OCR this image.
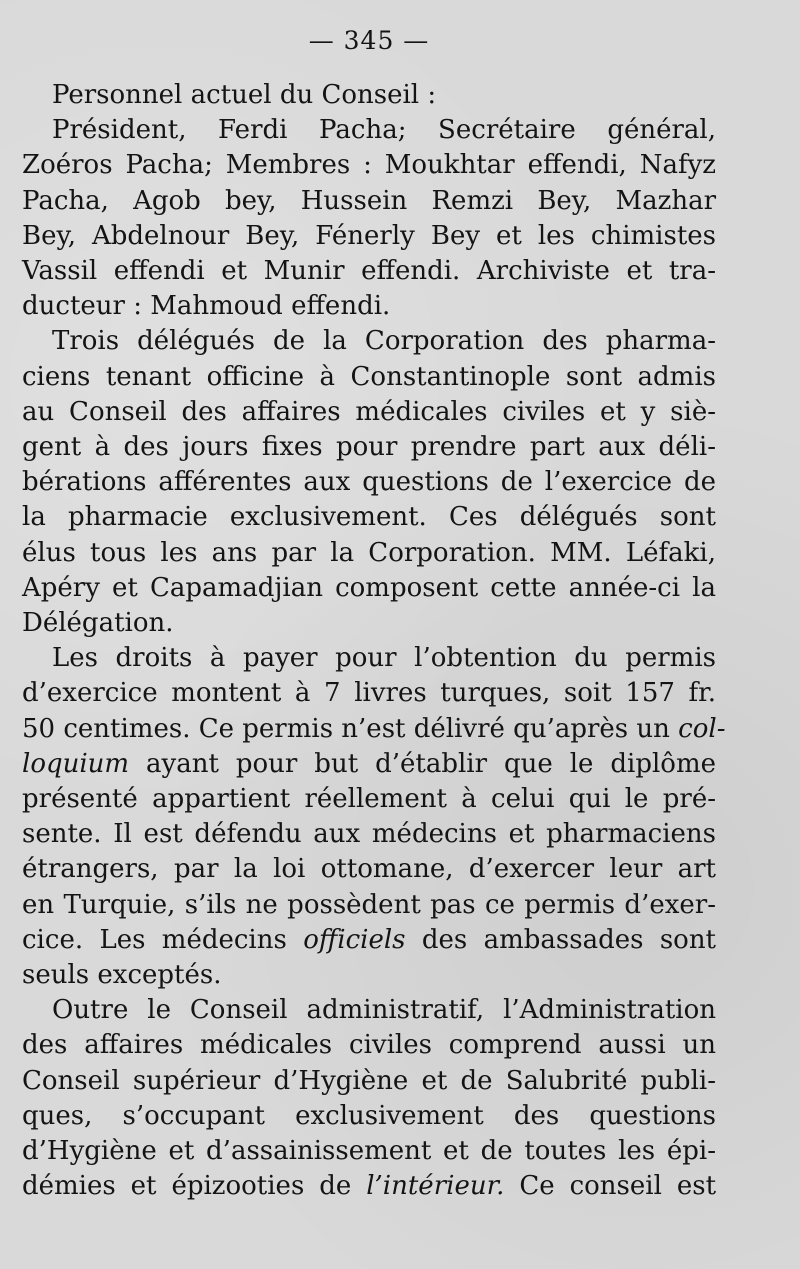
— 345 —

Personnel actuel du Conseil :

Président, Ferdi Pacha; Secrétaire général,
Zoéros Pacha; Membres : Moukhtar effendi, Nafyz
Pacha, Agob bey, Hussein Remzi Bey, Mazhar
Bey, Abdelnour Bey, Fénerly Bey et les chimistes
Vassil effendi et Munir effendi. Archiviste et tra-
ducteur : Mahmoud effendi.

Trois délégués de la Corporation des pharma-
ciens tenant officine à Constantinople sont admis
au Conseil des affaires médicales civiles et y siè-
gent à des jours fixes pour prendre part aux déli-
bérations afférentes aux questions de l’exercice de
la pharmacie exclusivement. Ces délégués sont
élus tous les ans par la Corporation. MM. Léfaki,
Apéry et Capamadjian composent cette année-ci la
Délégation.

Les droits à payer pour l’obtention du permis
d’exercice montent à 7 livres turques, soit 157 fr.
50 centimes. Ce permis n’est délivré qu’après un col-
loquium ayant pour but d’établir que le diplôme
présenté appartient réellement à celui qui le pré-
sente. Il est défendu aux médecins et pharmaciens
étrangers, par la loi ottomane, d’exercer leur art
en Turquie, s’ils ne possèdent pas ce permis d’exer-
cice. Les médecins officiels des ambassades sont
seuls exceptés.

Outre le Conseil administratif, l’Administration
des affaires médicales civiles comprend aussi un
Conseil supérieur d’Hygiène et de Salubrité publi-
ques, s’occupant exclusivement des questions
d’Hygiène et d’assainissement et de toutes les épi-
démies et épizooties de l’intérieur. Ce conseil est
